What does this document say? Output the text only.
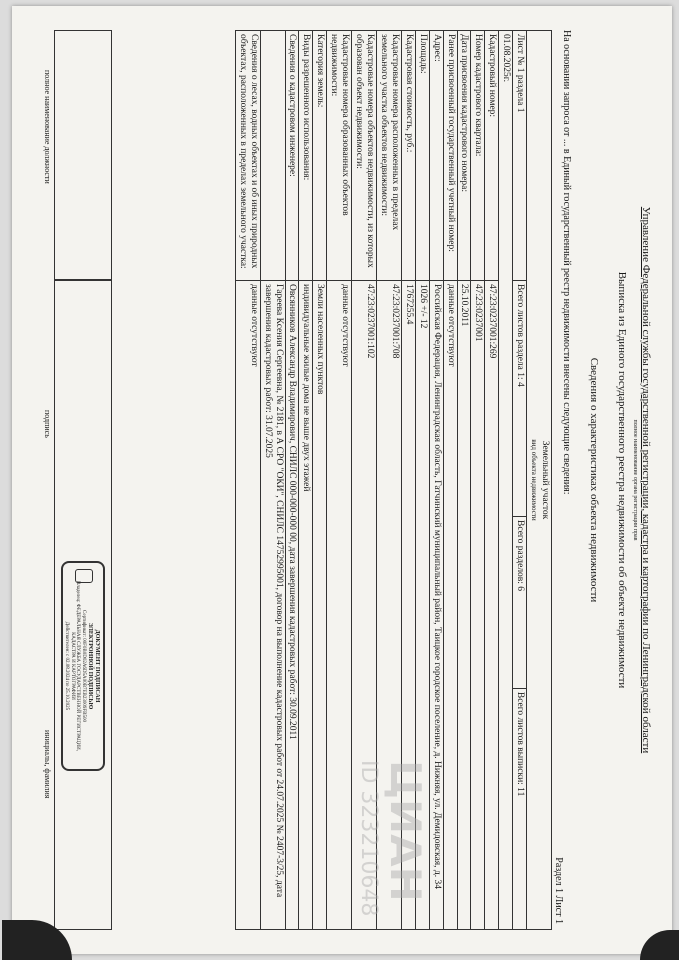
Управление Федеральной службы государственной регистрации, кадастра и картографии по Ленинградской области
полное наименование органа регистрации прав
Выписка из Единого государственного реестра недвижимости об объекте недвижимости
Сведения о характеристиках объекта недвижимости
На основании запроса от ... в Единый государственный реестр недвижимости внесены следующие сведения:
Раздел 1 Лист 1
Земельный участок
вид объекта недвижимости			
Лист № 1 раздела 1	Всего листов раздела 1: 4	Всего разделов: 6	Всего листов выписки: 11
01.08.2025г.			
Кадастровый номер:	47:23:0237001:269		
Номер кадастрового квартала:	47:23:0237001		
Дата присвоения кадастрового номера:	25.10.2011		
Ранее присвоенный государственный учетный номер:	данные отсутствуют		
Адрес:	Российская Федерация, Ленинградская область, Гатчинский муниципальный район, Таицкое городское поселение, д. Нижняя, ул. Демидовская, д. 34		
Площадь:	1026 +/- 12		
Кадастровая стоимость, руб.:	1767255.4		
Кадастровые номера расположенных в пределах земельного участка объектов недвижимости:	47:23:0237001:708		
Кадастровые номера объектов недвижимости, из которых образован объект недвижимости:	47:23:0237001:102		
Кадастровые номера образованных объектов недвижимости:	данные отсутствуют		
Категория земель:	Земли населенных пунктов		
Виды разрешенного использования:	индивидуальные жилые дома не выше двух этажей		
Сведения о кадастровом инженере:	Овсянников Александр Владимирович, СНИЛС 000-000-000 00, дата завершения кадастровых работ: 30.09.2011		
	Гареева Ксения Сергеевна, № 2181, в А СРО "ОКИ", СНИЛС 14752995001, договор на выполнение кадастровых работ от 24.07.2025 № 2407-3/25, дата завершения кадастровых работ: 31.07.2025		
Сведения о лесах, водных объектах и об иных природных объектах, расположенных в пределах земельного участка:	данные отсутствуют		
ДОКУМЕНТ ПОДПИСАН
ЭЛЕКТРОННОЙ ПОДПИСЬЮ
Сертификат: 00F0B0D02A6D5A00B7EB23009FB500
Владелец: ФЕДЕРАЛЬНАЯ СЛУЖБА ГОСУДАРСТВЕННОЙ РЕГИСТРАЦИИ, КАДАСТРА И КАРТОГРАФИИ
Действителен: с 02.08.2024 по 25.10.2025
полное наименование должности
подпись
инициалы, фамилия	ЦИАН
ID 323210648
